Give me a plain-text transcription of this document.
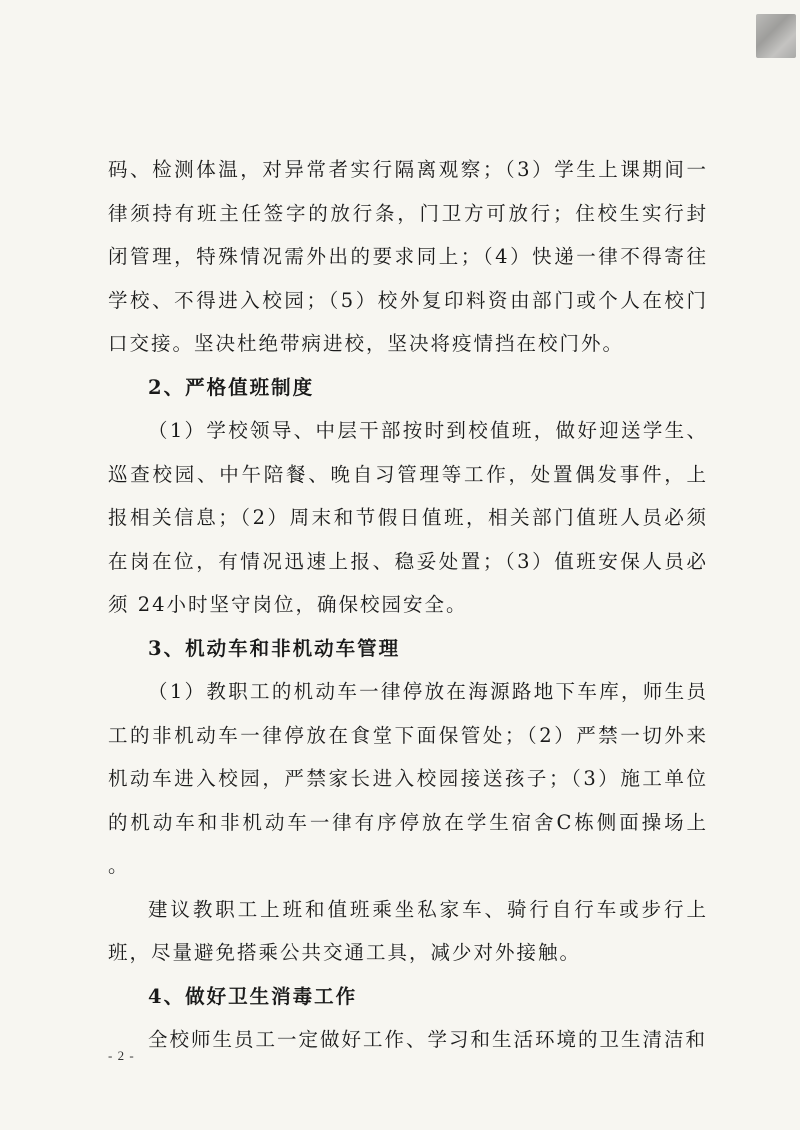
码、检测体温，对异常者实行隔离观察；（3）学生上课期间一律须持有班主任签字的放行条，门卫方可放行；住校生实行封闭管理，特殊情况需外出的要求同上；（4）快递一律不得寄往学校、不得进入校园；（5）校外复印料资由部门或个人在校门口交接。坚决杜绝带病进校，坚决将疫情挡在校门外。

2、严格值班制度

（1）学校领导、中层干部按时到校值班，做好迎送学生、巡查校园、中午陪餐、晚自习管理等工作，处置偶发事件，上报相关信息；（2）周末和节假日值班，相关部门值班人员必须在岗在位，有情况迅速上报、稳妥处置；（3）值班安保人员必须 24小时坚守岗位，确保校园安全。

3、机动车和非机动车管理

（1）教职工的机动车一律停放在海源路地下车库，师生员工的非机动车一律停放在食堂下面保管处；（2）严禁一切外来机动车进入校园，严禁家长进入校园接送孩子；（3）施工单位的机动车和非机动车一律有序停放在学生宿舍C栋侧面操场上 。

建议教职工上班和值班乘坐私家车、骑行自行车或步行上班，尽量避免搭乘公共交通工具，减少对外接触。

4、做好卫生消毒工作

全校师生员工一定做好工作、学习和生活环境的卫生清洁和

- 2 -
